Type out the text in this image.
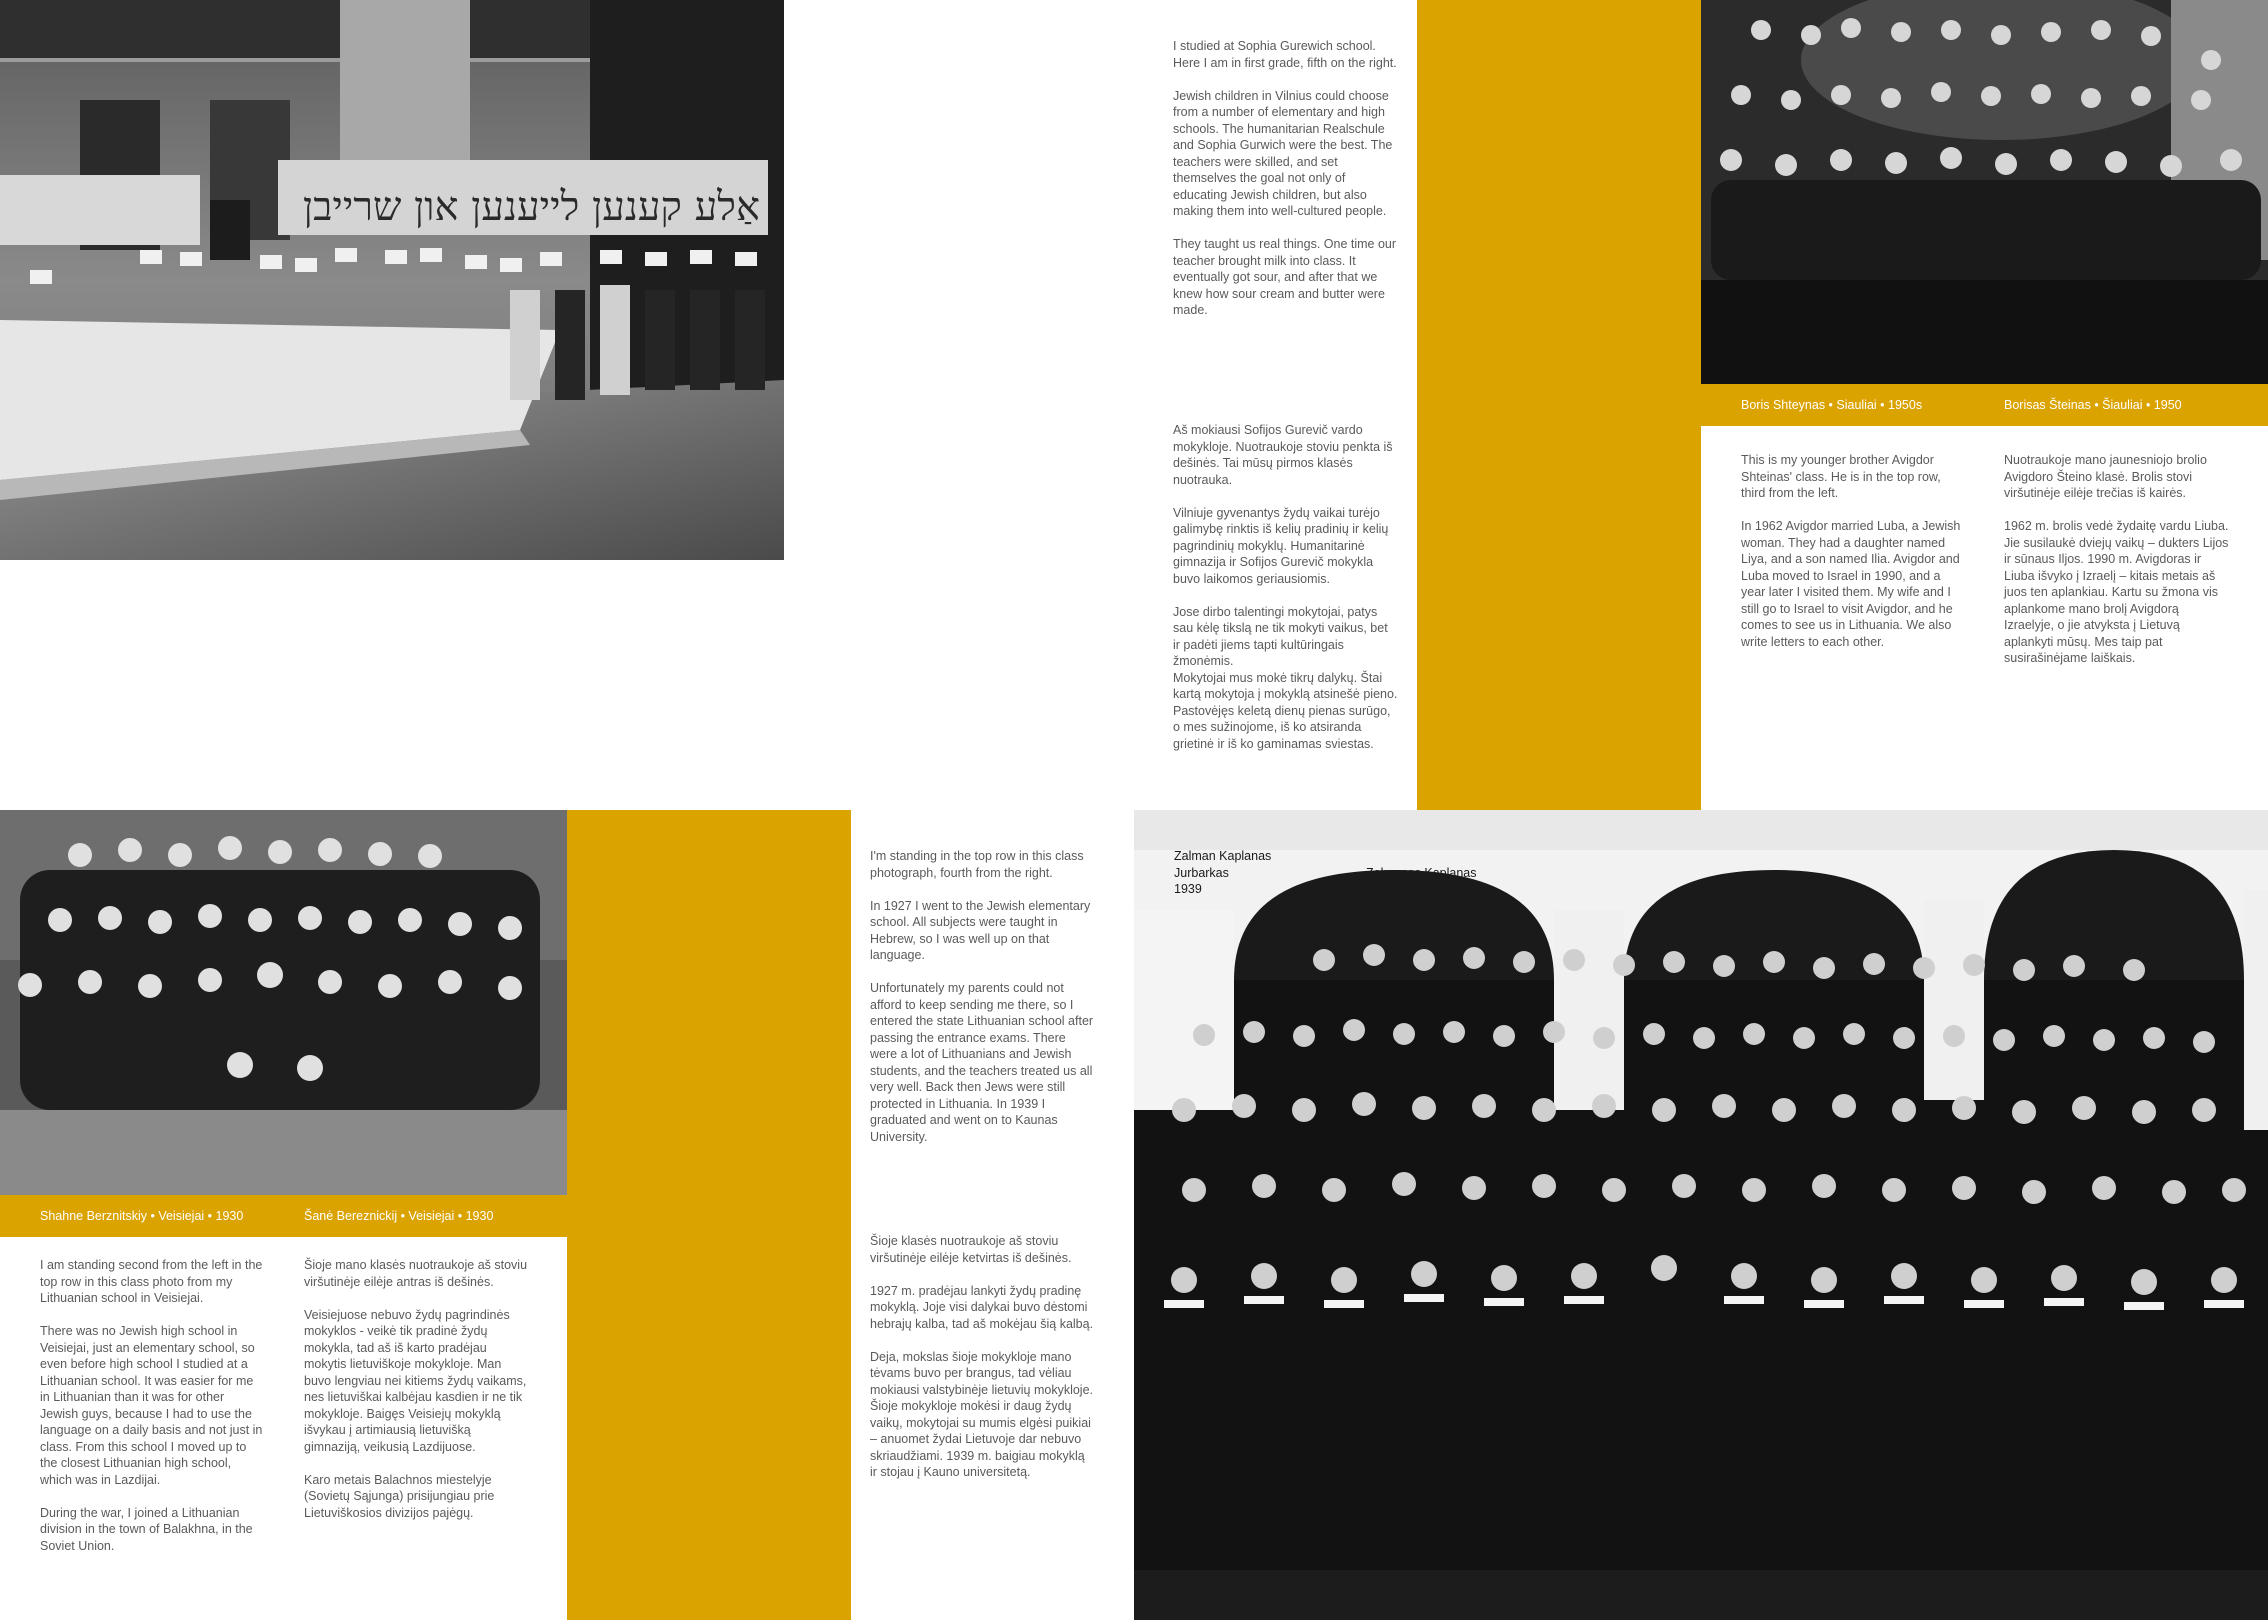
אַלע קענען לייענען און שרייבן
Fania Brantsovskaya
Vilnius
1929
Fanė Brancovskaja
Vilnius
1929
I studied at Sophia Gurewich school. Here I am in first grade, fifth on the right.

Jewish children in Vilnius could choose from a number of elementary and high schools. The humanitarian Realschule and Sophia Gurwich were the best. The teachers were skilled, and set themselves the goal not only of educating Jewish children, but also making them into well-cultured people.

They taught us real things. One time our teacher brought milk into class. It eventually got sour, and after that we knew how sour cream and butter were made.
Aš mokiausi Sofijos Gurevič vardo mokykloje. Nuotraukoje stoviu penkta iš dešinės. Tai mūsų pirmos klasės nuotrauka.

Vilniuje gyvenantys žydų vaikai turėjo galimybę rinktis iš kelių pradinių ir kelių pagrindinių mokyklų. Humanitarinė gimnazija ir Sofijos Gurevič mokykla buvo laikomos geriausiomis.

Jose dirbo talentingi mokytojai, patys sau kėlę tikslą ne tik mokyti vaikus, bet ir padėti jiems tapti kultūringais žmonėmis.
Mokytojai mus mokė tikrų dalykų. Štai kartą mokytoja į mokyklą atsinešė pieno. Pastovėjęs keletą dienų pienas surūgo, o mes sužinojome, iš ko atsiranda grietinė ir iš ko gaminamas sviestas.
Boris Shteynas • Siauliai • 1950s	Borisas Šteinas • Šiauliai • 1950
This is my younger brother Avigdor Shteinas' class. He is in the top row, third from the left.

In 1962 Avigdor married Luba, a Jewish woman. They had a daughter named Liya, and a son named Ilia. Avigdor and Luba moved to Israel in 1990, and a year later I visited them. My wife and I still go to Israel to visit Avigdor, and he comes to see us in Lithuania. We also write letters to each other.
Nuotraukoje mano jaunesniojo brolio Avigdoro Šteino klasė. Brolis stovi viršutinėje eilėje trečias iš kairės.

1962 m. brolis vedė žydaitę vardu Liuba. Jie susilaukė dviejų vaikų – dukters Lijos ir sūnaus Iljos. 1990 m. Avigdoras ir Liuba išvyko į Izraelį – kitais metais aš juos ten aplankiau. Kartu su žmona vis aplankome mano brolį Avigdorą Izraelyje, o jie atvyksta į Lietuvą aplankyti mūsų. Mes taip pat susirašinėjame laiškais.
Shahne Berznitskiy • Veisiejai • 1930	Šanė Bereznickij • Veisiejai • 1930
I am standing second from the left in the top row in this class photo from my Lithuanian school in Veisiejai.

There was no Jewish high school in Veisiejai, just an elementary school, so even before high school I studied at a Lithuanian school. It was easier for me in Lithuanian than it was for other Jewish guys, because I had to use the language on a daily basis and not just in class. From this school I moved up to the closest Lithuanian high school, which was in Lazdijai.

During the war, I joined a Lithuanian division in the town of Balakhna, in the Soviet Union.
Šioje mano klasės nuotraukoje aš stoviu viršutinėje eilėje antras iš dešinės.

Veisiejuose nebuvo žydų pagrindinės mokyklos - veikė tik pradinė žydų mokykla, tad aš iš karto pradėjau mokytis lietuviškoje mokykloje. Man buvo lengviau nei kitiems žydų vaikams, nes lietuviškai kalbėjau kasdien ir ne tik mokykloje. Baigęs Veisiejų mokyklą išvykau į artimiausią lietuvišką gimnaziją, veikusią Lazdijuose.

Karo metais Balachnos miestelyje (Sovietų Sąjunga) prisijungiau prie Lietuviškosios divizijos pajėgų.
I'm standing in the top row in this class photograph, fourth from the right.

In 1927 I went to the Jewish elementary school. All subjects were taught in Hebrew, so I was well up on that language.

Unfortunately my parents could not afford to keep sending me there, so I entered the state Lithuanian school after passing the entrance exams. There were a lot of Lithuanians and Jewish students, and the teachers treated us all very well. Back then Jews were still protected in Lithuania. In 1939 I graduated and went on to Kaunas University.
Šioje klasės nuotraukoje aš stoviu viršutinėje eilėje ketvirtas iš dešinės.

1927 m. pradėjau lankyti žydų pradinę mokyklą. Joje visi dalykai buvo dėstomi hebrajų kalba, tad aš mokėjau šią kalbą.

Deja, mokslas šioje mokykloje mano tėvams buvo per brangus, tad vėliau mokiausi valstybinėje lietuvių mokykloje. Šioje mokykloje mokėsi ir daug žydų vaikų, mokytojai su mumis elgėsi puikiai – anuomet žydai Lietuvoje dar nebuvo skriaudžiami. 1939 m. baigiau mokyklą ir stojau į Kauno universitetą.
Zalman Kaplanas
Jurbarkas
1939

Zalmanas Kaplanas

Jurbarkas

1939
